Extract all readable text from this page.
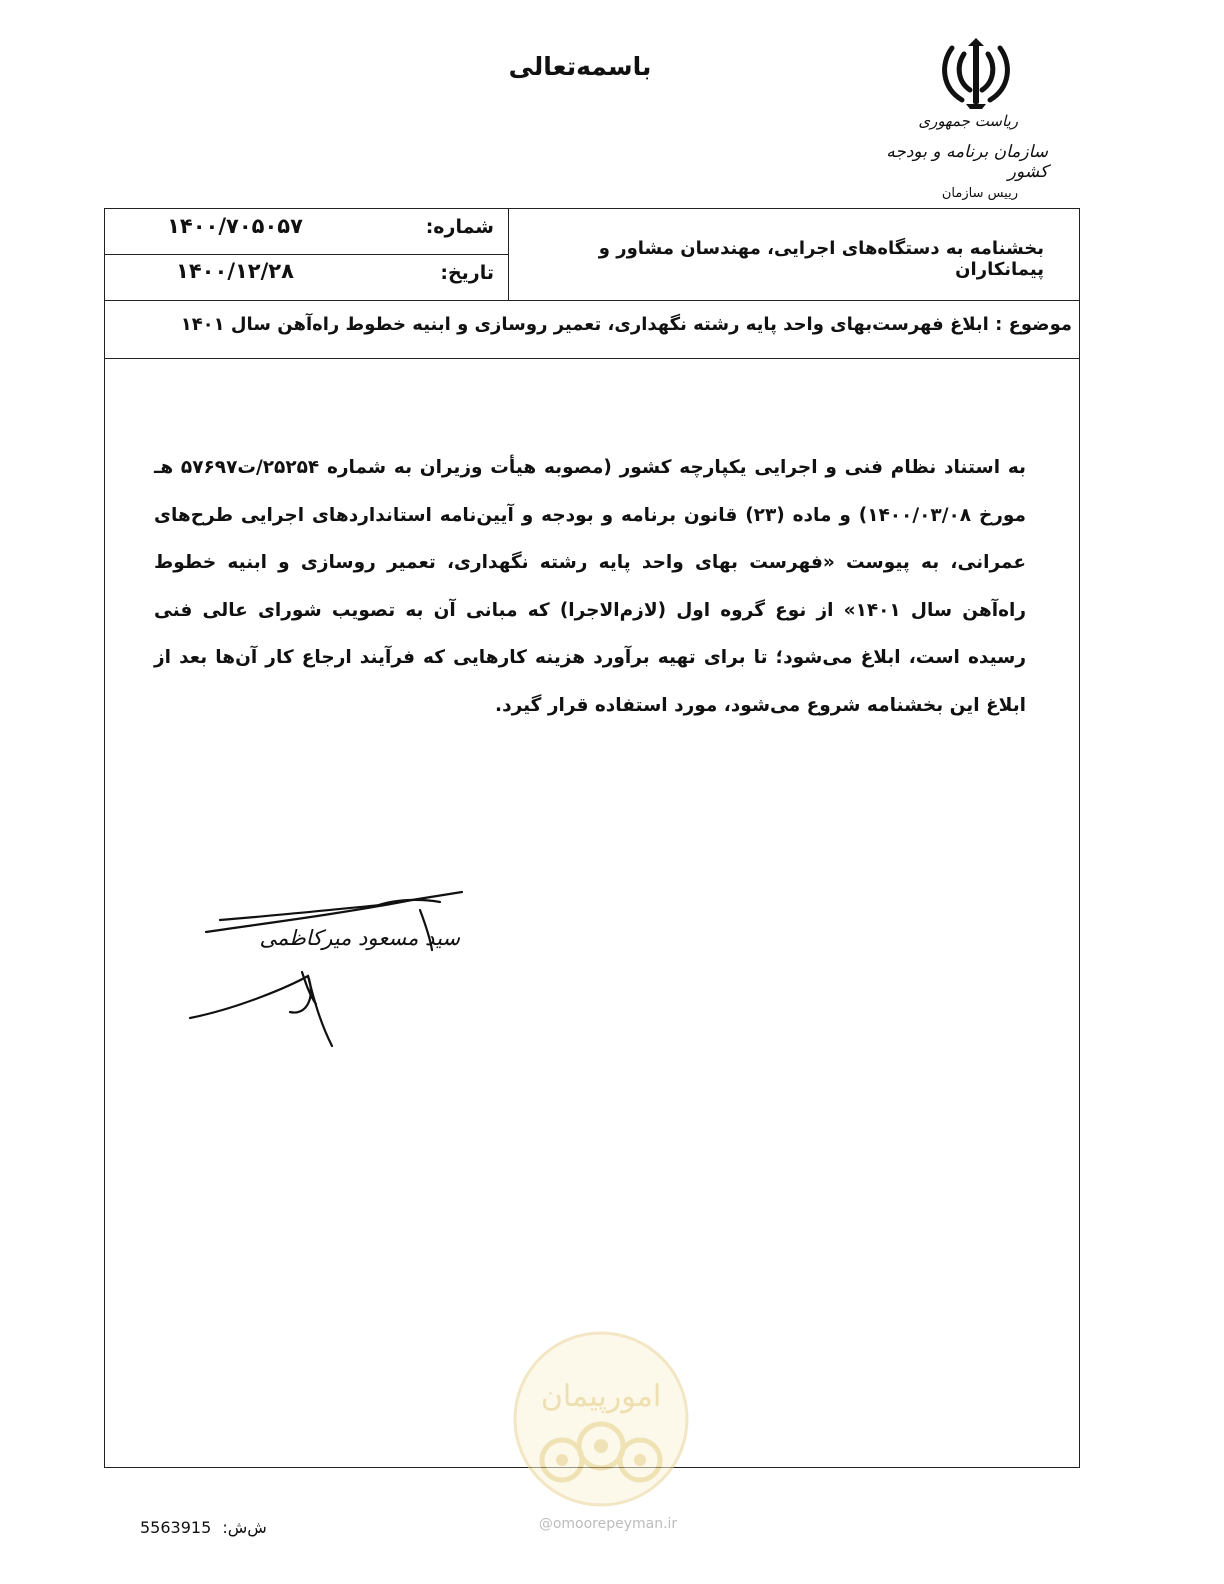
باسمه‌تعالی
ریاست جمهوری
سازمان برنامه و بودجه کشور
رییس سازمان
شماره:
۱۴۰۰/۷۰۵۰۵۷
تاریخ:
۱۴۰۰/۱۲/۲۸
بخشنامه به دستگاه‌های اجرایی، مهندسان مشاور و پیمانکاران
موضوع : ابلاغ فهرست‌بهای واحد پایه رشته نگهداری، تعمیر روسازی و ابنیه خطوط راه‌آهن سال ۱۴۰۱
به استناد نظام فنی و اجرایی یکپارچه کشور (مصوبه هیأت وزیران به شماره ۲۵۲۵۴/ت۵۷۶۹۷ هـ مورخ ۱۴۰۰/۰۳/۰۸) و ماده (۲۳) قانون برنامه و بودجه و آیین‌نامه استانداردهای اجرایی طرح‌های عمرانی، به پیوست «فهرست بهای واحد پایه رشته نگهداری، تعمیر روسازی و ابنیه خطوط راه‌آهن سال ۱۴۰۱» از نوع گروه اول (لازم‌الاجرا) که مبانی آن به تصویب شورای عالی فنی رسیده است، ابلاغ می‌شود؛ تا برای تهیه برآورد هزینه کارهایی که فرآیند ارجاع کار آن‌ها بعد از ابلاغ این بخشنامه شروع می‌شود، مورد استفاده قرار گیرد.
سید مسعود میرکاظمی
امورپیمان
@omoorepeyman.ir
5563915 ش‌ش:
